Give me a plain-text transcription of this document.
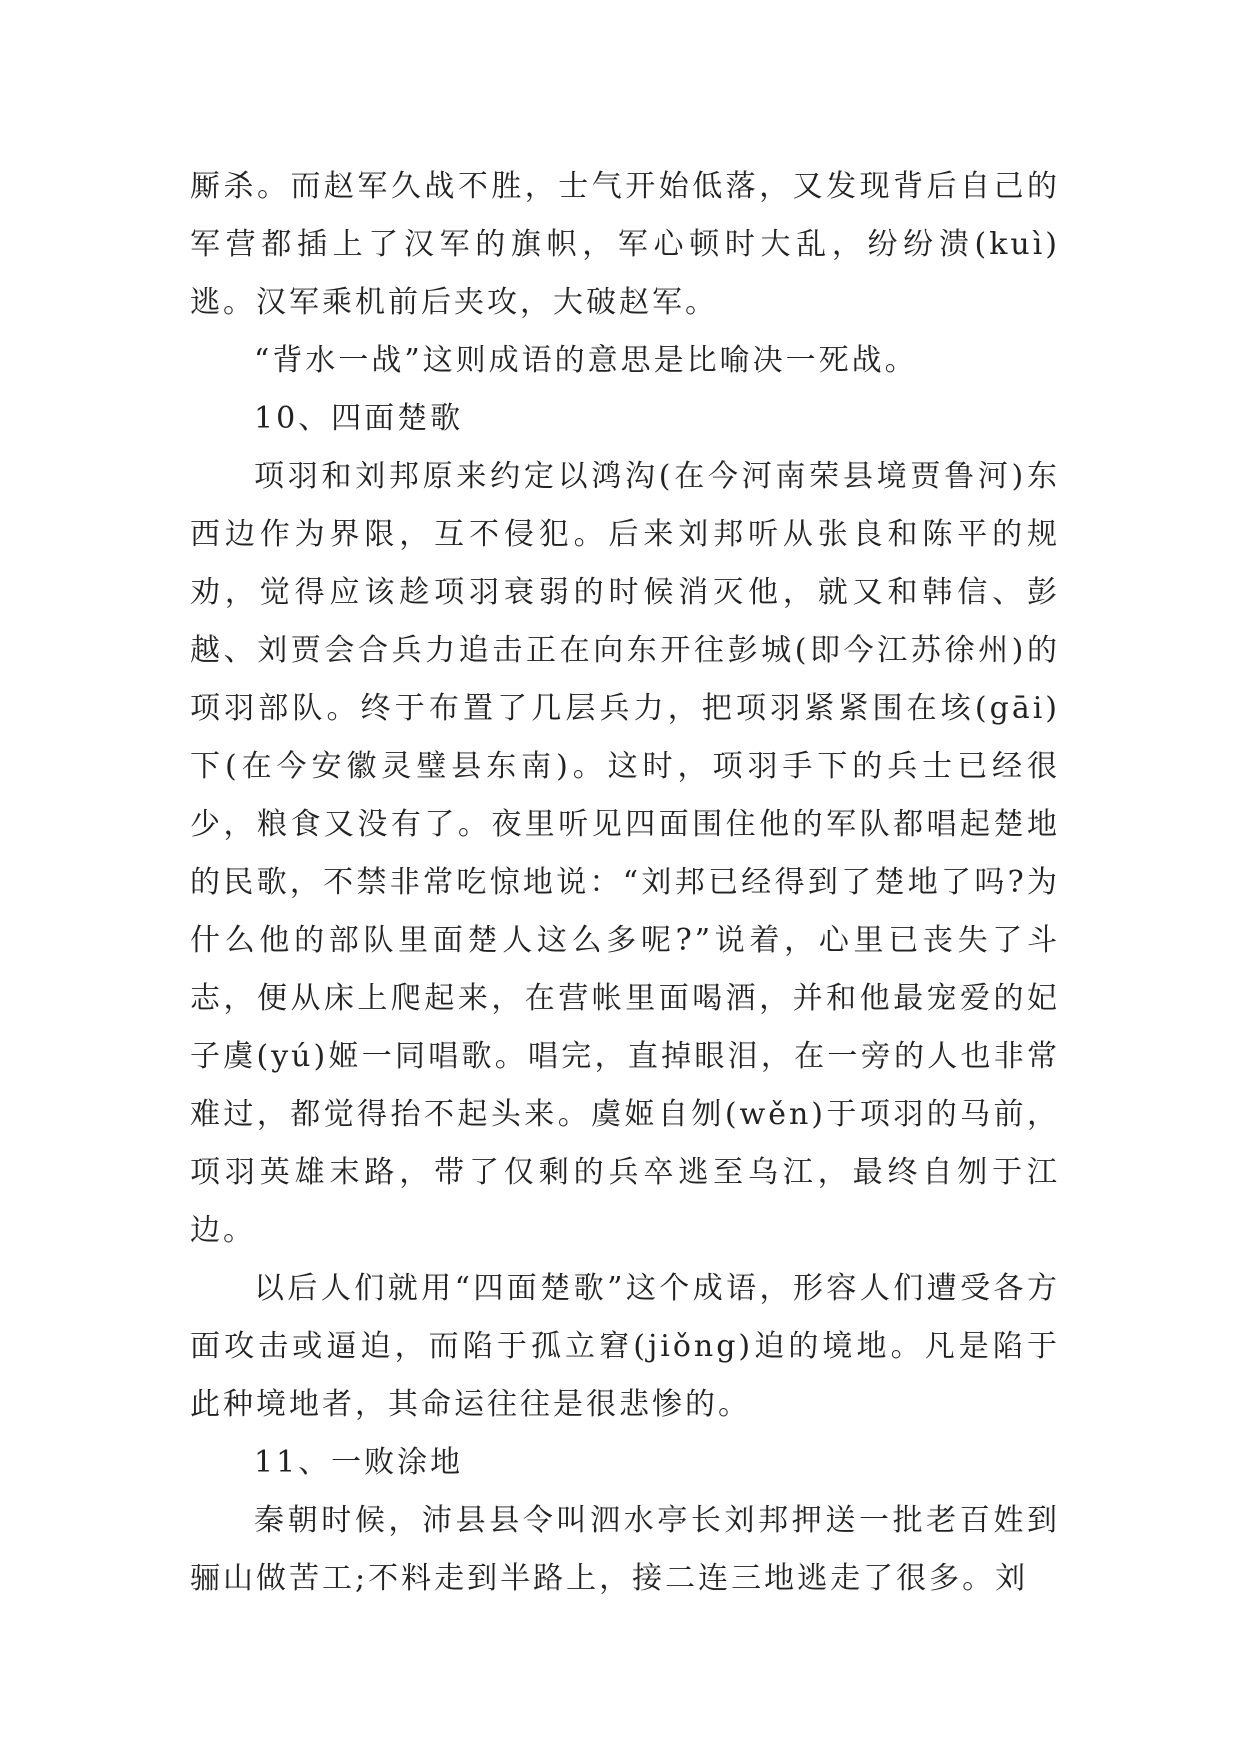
厮杀。而赵军久战不胜，士气开始低落，又发现背后自己的军营都插上了汉军的旗帜，军心顿时大乱，纷纷溃(kuì)逃。汉军乘机前后夹攻，大破赵军。

“背水一战”这则成语的意思是比喻决一死战。

10、四面楚歌

项羽和刘邦原来约定以鸿沟(在今河南荣县境贾鲁河)东西边作为界限，互不侵犯。后来刘邦听从张良和陈平的规劝，觉得应该趁项羽衰弱的时候消灭他，就又和韩信、彭越、刘贾会合兵力追击正在向东开往彭城(即今江苏徐州)的项羽部队。终于布置了几层兵力，把项羽紧紧围在垓(gāi)下(在今安徽灵璧县东南)。这时，项羽手下的兵士已经很少，粮食又没有了。夜里听见四面围住他的军队都唱起楚地的民歌，不禁非常吃惊地说：“刘邦已经得到了楚地了吗?为什么他的部队里面楚人这么多呢?”说着，心里已丧失了斗志，便从床上爬起来，在营帐里面喝酒，并和他最宠爱的妃子虞(yú)姬一同唱歌。唱完，直掉眼泪，在一旁的人也非常难过，都觉得抬不起头来。虞姬自刎(wěn)于项羽的马前，项羽英雄末路，带了仅剩的兵卒逃至乌江，最终自刎于江边。

以后人们就用“四面楚歌”这个成语，形容人们遭受各方面攻击或逼迫，而陷于孤立窘(jiǒng)迫的境地。凡是陷于此种境地者，其命运往往是很悲惨的。

11、一败涂地

秦朝时候，沛县县令叫泗水亭长刘邦押送一批老百姓到骊山做苦工;不料走到半路上，接二连三地逃走了很多。刘
